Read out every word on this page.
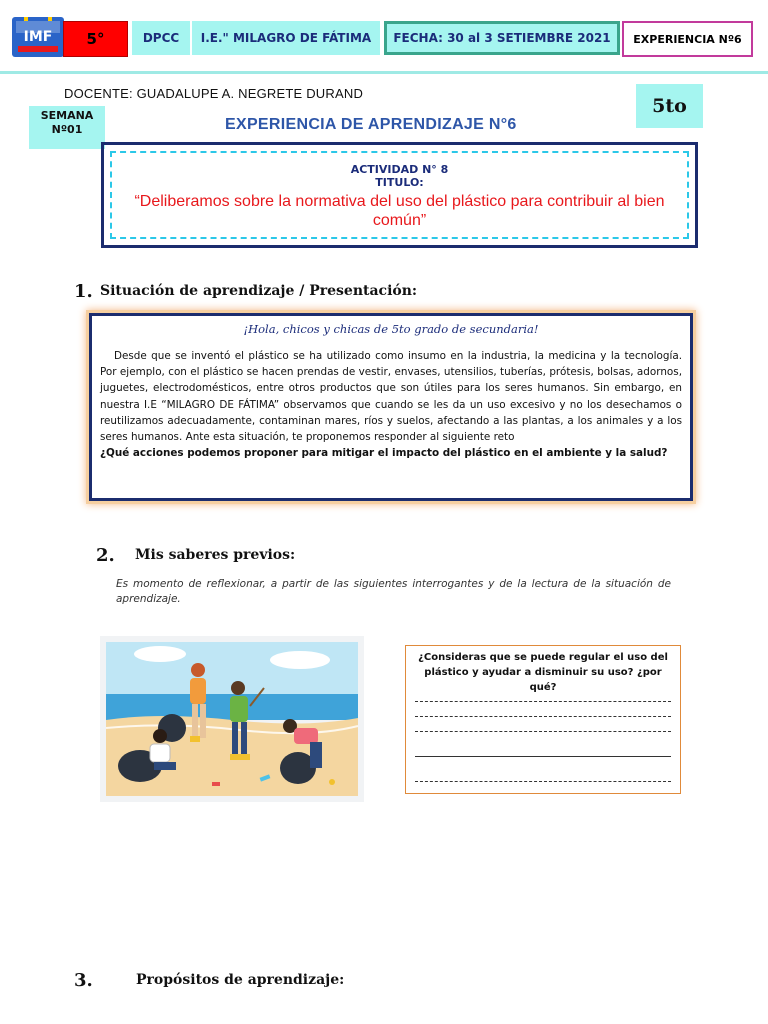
IMF	5°	DPCC	I.E." MILAGRO DE FÁTIMA	FECHA: 30 al 3 SETIEMBRE 2021	EXPERIENCIA Nº6
DOCENTE: GUADALUPE A. NEGRETE DURAND
5to
SEMANA
Nº01	EXPERIENCIA DE APRENDIZAJE N°6
ACTIVIDAD N° 8
TITULO:
“Deliberamos sobre la normativa del uso del plástico para contribuir al bien común”
1. Situación de aprendizaje / Presentación:
¡Hola, chicos y chicas de 5to grado de secundaria!
Desde que se inventó el plástico se ha utilizado como insumo en la industria, la medicina y la tecnología. Por ejemplo, con el plástico se hacen prendas de vestir, envases, utensilios, tuberías, prótesis, bolsas, adornos, juguetes, electrodomésticos, entre otros productos que son útiles para los seres humanos. Sin embargo, en nuestra I.E “MILAGRO DE FÁTIMA” observamos que cuando se les da un uso excesivo y no los desechamos o reutilizamos adecuadamente, contaminan mares, ríos y suelos, afectando a las plantas, a los animales y a los seres humanos. Ante esta situación, te proponemos responder al siguiente reto
¿Qué acciones podemos proponer para mitigar el impacto del plástico en el ambiente y la salud?
2. Mis saberes previos:
Es momento de reflexionar, a partir de las siguientes interrogantes y de la lectura de la situación de aprendizaje.
¿Consideras que se puede regular el uso del plástico y ayudar a disminuir su uso? ¿por qué?
3.	Propósitos de aprendizaje:
